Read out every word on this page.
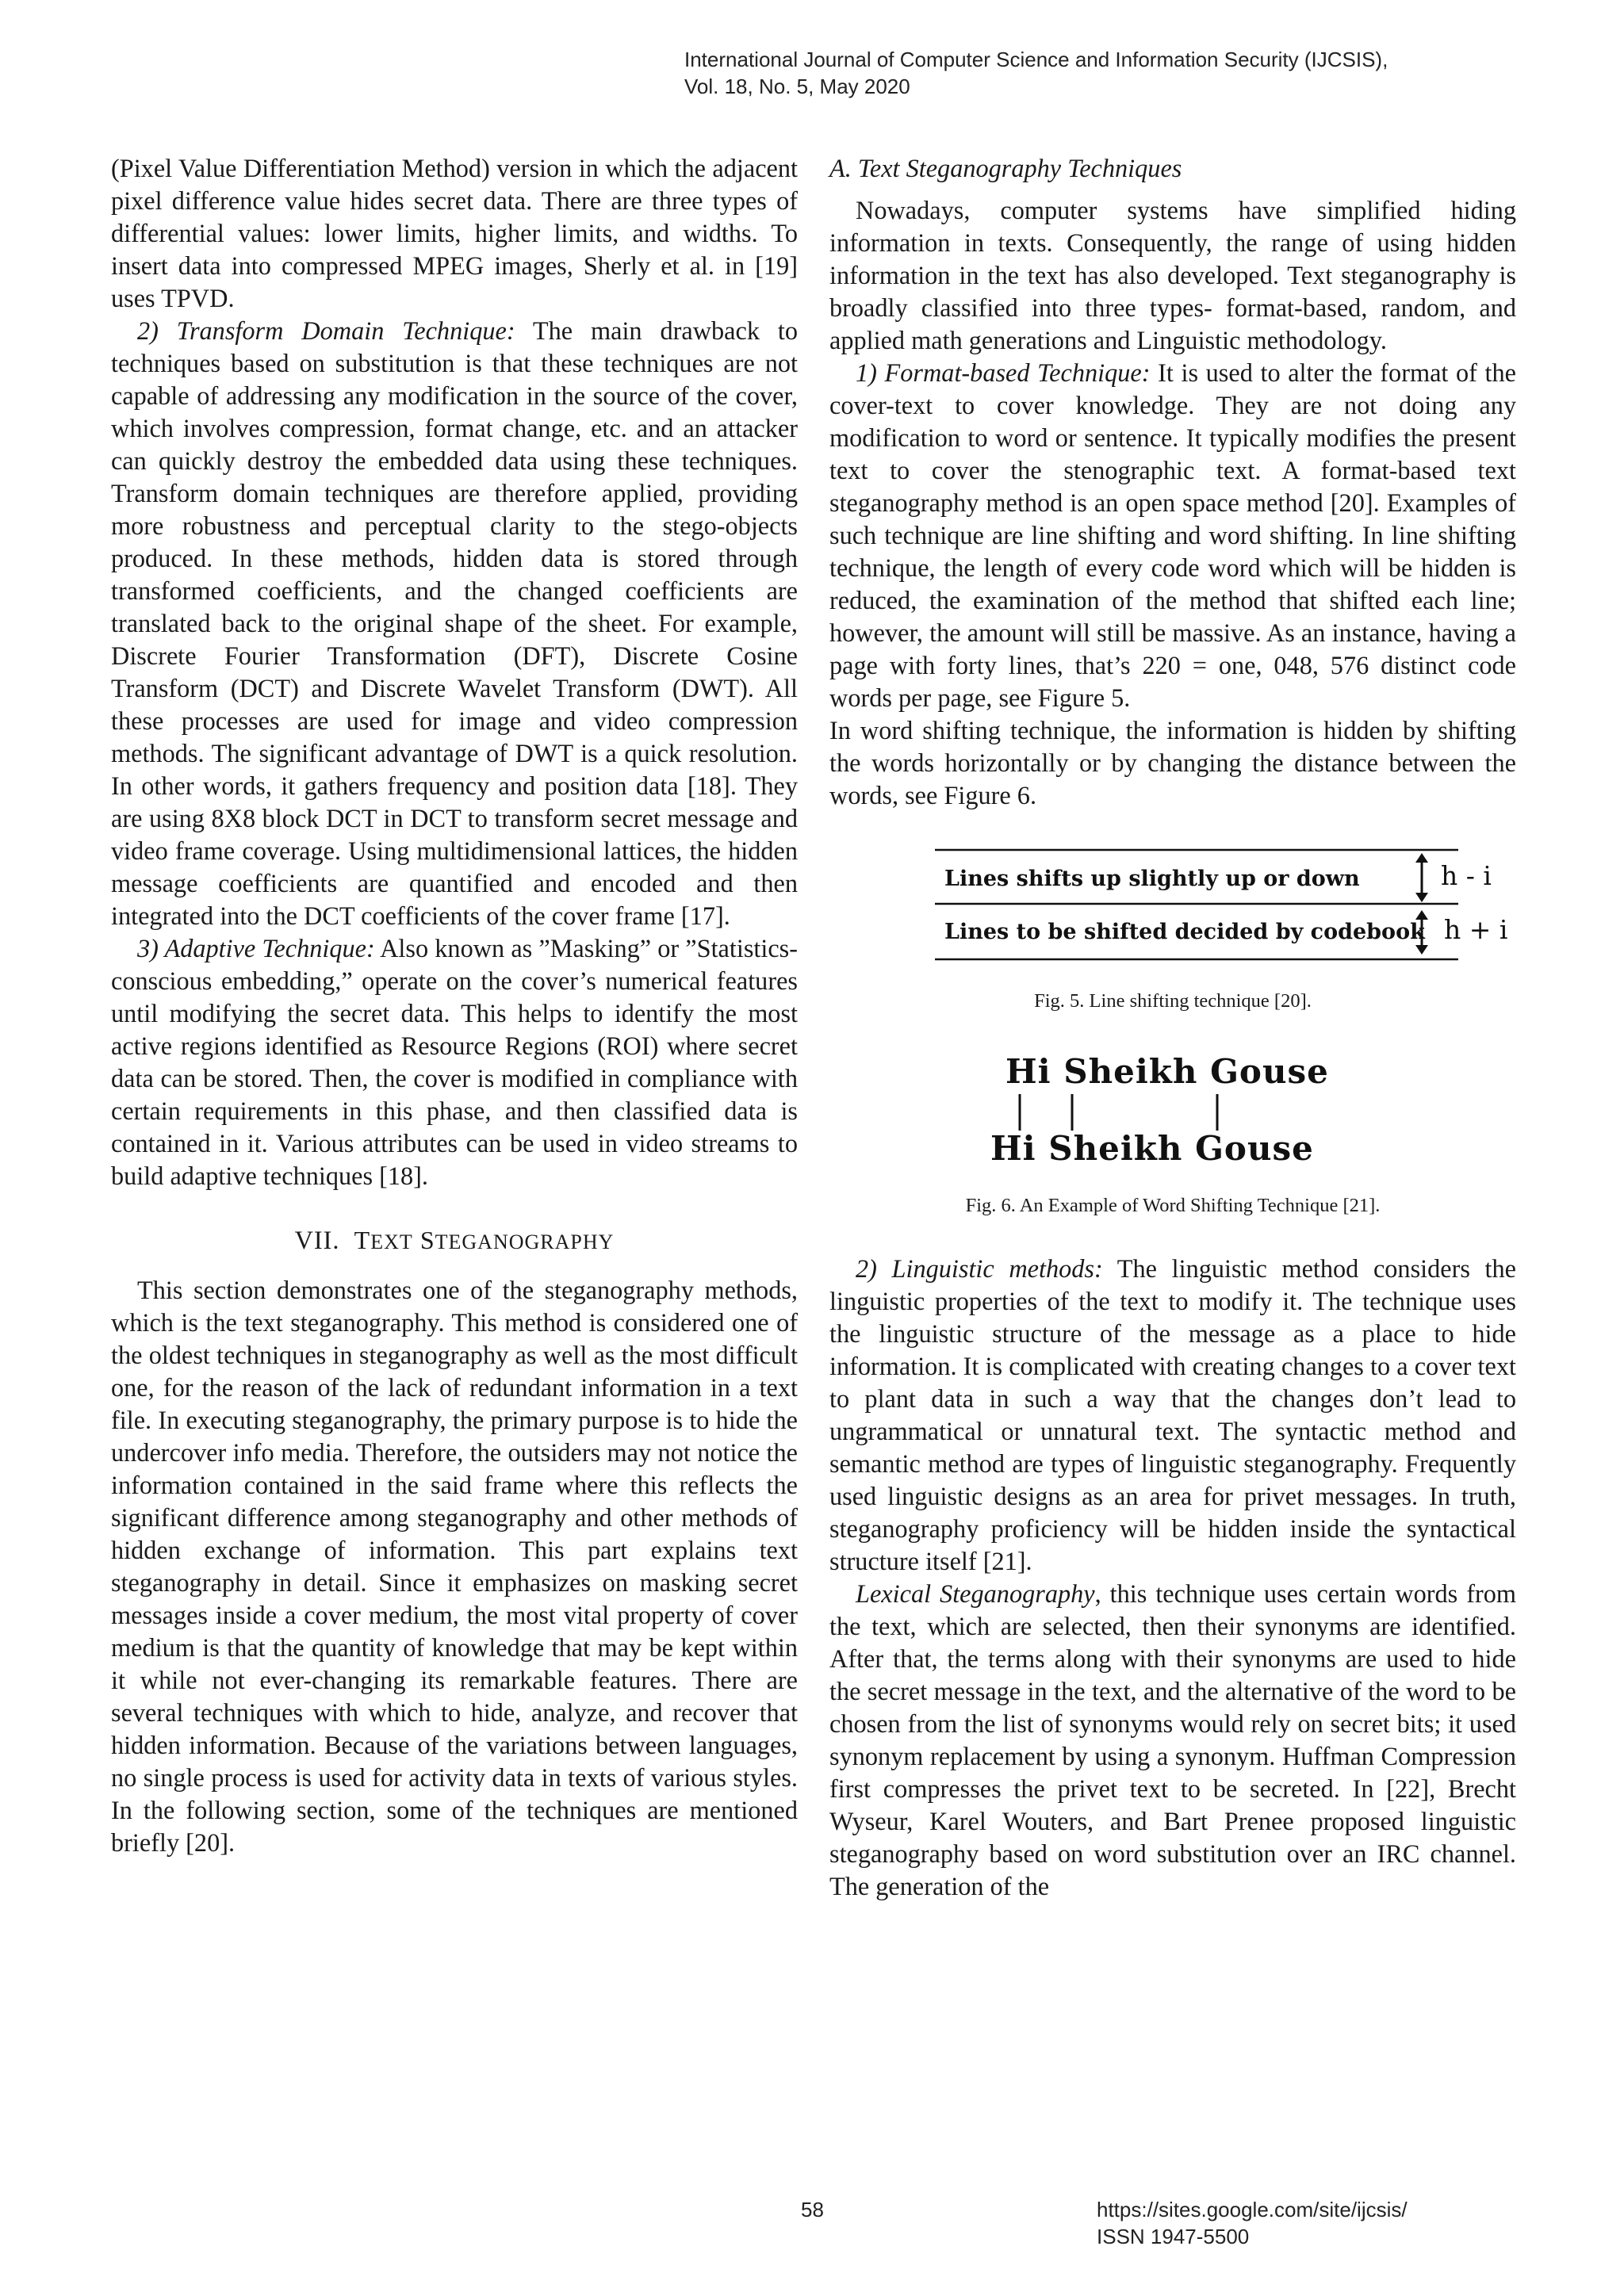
International Journal of Computer Science and Information Security (IJCSIS),
Vol. 18, No. 5, May 2020

(Pixel Value Differentiation Method) version in which the adjacent pixel difference value hides secret data. There are three types of differential values: lower limits, higher limits, and widths. To insert data into compressed MPEG images, Sherly et al. in [19] uses TPVD.

2) Transform Domain Technique: The main drawback to techniques based on substitution is that these techniques are not capable of addressing any modification in the source of the cover, which involves compression, format change, etc. and an attacker can quickly destroy the embedded data using these techniques. Transform domain techniques are therefore applied, providing more robustness and perceptual clarity to the stego-objects produced. In these methods, hidden data is stored through transformed coefficients, and the changed coefficients are translated back to the original shape of the sheet. For example, Discrete Fourier Transformation (DFT), Discrete Cosine Transform (DCT) and Discrete Wavelet Transform (DWT). All these processes are used for image and video compression methods. The significant advantage of DWT is a quick resolution. In other words, it gathers frequency and position data [18]. They are using 8X8 block DCT in DCT to transform secret message and video frame coverage. Using multidimensional lattices, the hidden message coefficients are quantified and encoded and then integrated into the DCT coefficients of the cover frame [17].

3) Adaptive Technique: Also known as ”Masking” or ”Statistics-conscious embedding,” operate on the cover’s numerical features until modifying the secret data. This helps to identify the most active regions identified as Resource Regions (ROI) where secret data can be stored. Then, the cover is modified in compliance with certain requirements in this phase, and then classified data is contained in it. Various attributes can be used in video streams to build adaptive techniques [18].

VII. TEXT STEGANOGRAPHY

This section demonstrates one of the steganography methods, which is the text steganography. This method is considered one of the oldest techniques in steganography as well as the most difficult one, for the reason of the lack of redundant information in a text file. In executing steganography, the primary purpose is to hide the undercover info media. Therefore, the outsiders may not notice the information contained in the said frame where this reflects the significant difference among steganography and other methods of hidden exchange of information. This part explains text steganography in detail. Since it emphasizes on masking secret messages inside a cover medium, the most vital property of cover medium is that the quantity of knowledge that may be kept within it while not ever-changing its remarkable features. There are several techniques with which to hide, analyze, and recover that hidden information. Because of the variations between languages, no single process is used for activity data in texts of various styles. In the following section, some of the techniques are mentioned briefly [20].

A. Text Steganography Techniques

Nowadays, computer systems have simplified hiding information in texts. Consequently, the range of using hidden information in the text has also developed. Text steganography is broadly classified into three types- format-based, random, and applied math generations and Linguistic methodology.

1) Format-based Technique: It is used to alter the format of the cover-text to cover knowledge. They are not doing any modification to word or sentence. It typically modifies the present text to cover the stenographic text. A format-based text steganography method is an open space method [20]. Examples of such technique are line shifting and word shifting. In line shifting technique, the length of every code word which will be hidden is reduced, the examination of the method that shifted each line; however, the amount will still be massive. As an instance, having a page with forty lines, that’s 220 = one, 048, 576 distinct code words per page, see Figure 5.

In word shifting technique, the information is hidden by shifting the words horizontally or by changing the distance between the words, see Figure 6.

Lines shifts up slightly up or down
Lines to be shifted decided by codebook
h - i
h + i
Fig. 5. Line shifting technique [20].
Hi Sheikh Gouse
Hi Sheikh Gouse
Fig. 6. An Example of Word Shifting Technique [21].

2) Linguistic methods: The linguistic method considers the linguistic properties of the text to modify it. The technique uses the linguistic structure of the message as a place to hide information. It is complicated with creating changes to a cover text to plant data in such a way that the changes don’t lead to ungrammatical or unnatural text. The syntactic method and semantic method are types of linguistic steganography. Frequently used linguistic designs as an area for privet messages. In truth, steganography proficiency will be hidden inside the syntactical structure itself [21].

Lexical Steganography, this technique uses certain words from the text, which are selected, then their synonyms are identified. After that, the terms along with their synonyms are used to hide the secret message in the text, and the alternative of the word to be chosen from the list of synonyms would rely on secret bits; it used synonym replacement by using a synonym. Huffman Compression first compresses the privet text to be secreted. In [22], Brecht Wyseur, Karel Wouters, and Bart Prenee proposed linguistic steganography based on word substitution over an IRC channel. The generation of the

58	https://sites.google.com/site/ijcsis/
ISSN 1947-5500
